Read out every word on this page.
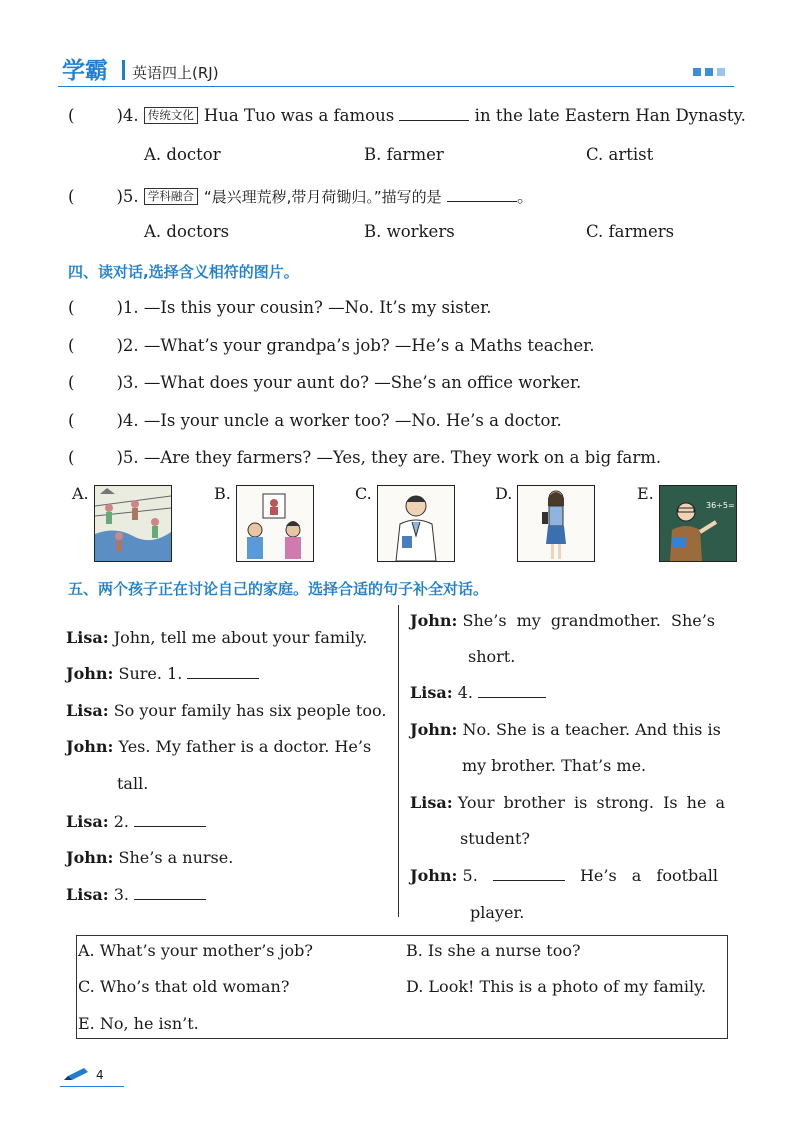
学霸 英语四上(RJ)
(	)4. 传统文化 Hua Tuo was a famous	in the late Eastern Han Dynasty.
A. doctor	B. farmer	C. artist
(	)5. 学科融合 “晨兴理荒秽,带月荷锄归。”描写的是	。
A. doctors	B. workers	C. farmers
四、读对话,选择含义相符的图片。
(	)1. —Is this your cousin? —No. It’s my sister.
(	)2. —What’s your grandpa’s job? —He’s a Maths teacher.
(	)3. —What does your aunt do? —She’s an office worker.
(	)4. —Is your uncle a worker too? —No. He’s a doctor.
(	)5. —Are they farmers? —Yes, they are. They work on a big farm.
A.	B.	C.	D.	E.
36÷5=
五、两个孩子正在讨论自己的家庭。选择合适的句子补全对话。
Lisa: John, tell me about your family.
John: Sure. 1.
Lisa: So your family has six people too.
John: Yes. My father is a doctor. He’s
tall.
Lisa: 2.
John: She’s a nurse.
Lisa: 3.
John: She’s my grandmother. She’s
short.
Lisa: 4.
John: No. She is a teacher. And this is
my brother. That’s me.
Lisa: Your brother is strong. Is he a
student?
John: 5.	He’s a football
player.
A. What’s your mother’s job?	B. Is she a nurse too?
C. Who’s that old woman?	D. Look! This is a photo of my family.
E. No, he isn’t.
4
